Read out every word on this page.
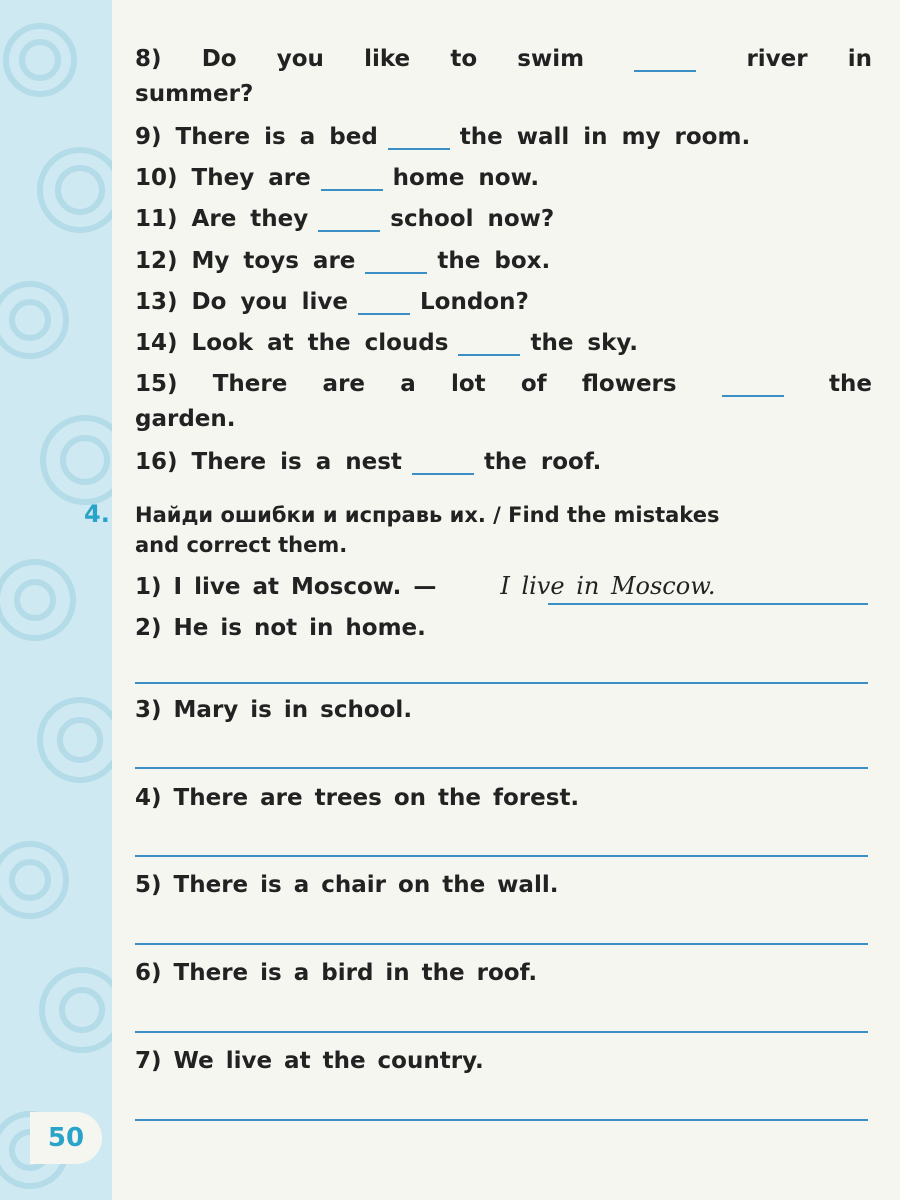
50
8) Do you like to swim	river in
summer?
9) There is a bed	the wall in my room.
10) They are	home now.
11) Are they	school now?
12) My toys are	the box.
13) Do you live	London?
14) Look at the clouds	the sky.
15) There are a lot of flowers	the
garden.
16) There is a nest	the roof.
4. Найди ошибки и исправь их. / Find the mistakes
and correct them.
1) I live at Moscow. —	I live in Moscow.
2) He is not in home.
3) Mary is in school.
4) There are trees on the forest.
5) There is a chair on the wall.
6) There is a bird in the roof.
7) We live at the country.
